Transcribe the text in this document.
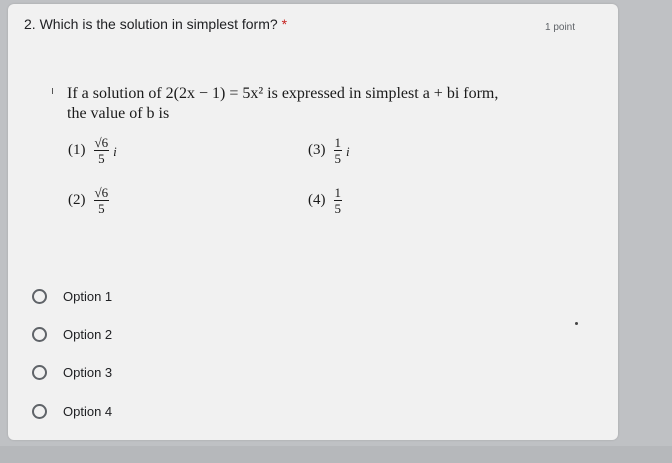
2. Which is the solution in simplest form? *	1 point
If a solution of 2(2x − 1) = 5x² is expressed in simplest a + bi form,
the value of b is
$(1) \frac{√6}{5}$ i
$(2) \frac{√6}{5}$
$(3) \frac{1}{5}$ i
$(4) \frac{1}{5}$
Option 1
Option 2
Option 3
Option 4
